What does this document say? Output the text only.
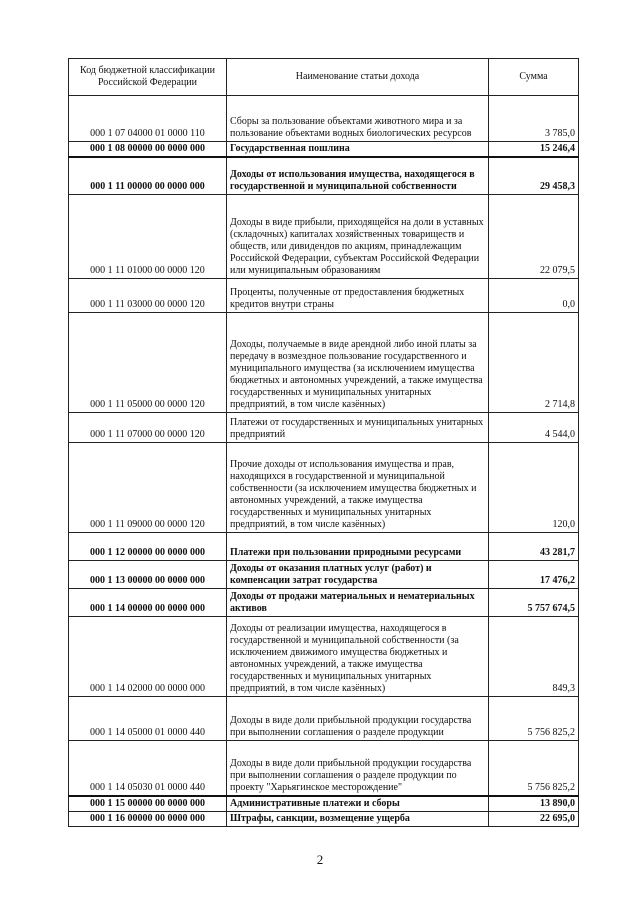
Код бюджетной классификации Российской Федерации	Наименование статьи дохода	Сумма
000 1 07 04000 01 0000 110	Сборы за пользование объектами животного мира и за пользование объектами водных биологических ресурсов	3 785,0
000 1 08 00000 00 0000 000	Государственная пошлина	15 246,4
000 1 11 00000 00 0000 000	Доходы от использования имущества, находящегося в государственной и муниципальной собственности	29 458,3
000 1 11 01000 00 0000 120	Доходы в виде прибыли, приходящейся на доли в уставных (складочных) капиталах хозяйственных товариществ и обществ, или дивидендов по акциям, принадлежащим Российской Федерации, субъектам Российской Федерации или муниципальным образованиям	22 079,5
000 1 11 03000 00 0000 120	Проценты, полученные от предоставления бюджетных кредитов внутри страны	0,0
000 1 11 05000 00 0000 120	Доходы, получаемые в виде арендной либо иной платы за передачу в возмездное пользование государственного и муниципального имущества (за исключением имущества бюджетных и автономных учреждений, а также имущества государственных и муниципальных унитарных предприятий, в том числе казённых)	2 714,8
000 1 11 07000 00 0000 120	Платежи от государственных и муниципальных унитарных предприятий	4 544,0
000 1 11 09000 00 0000 120	Прочие доходы от использования имущества и прав, находящихся в государственной и муниципальной собственности (за исключением имущества бюджетных и автономных учреждений, а также имущества государственных и муниципальных унитарных предприятий, в том числе казённых)	120,0
000 1 12 00000 00 0000 000	Платежи при пользовании природными ресурсами	43 281,7
000 1 13 00000 00 0000 000	Доходы от оказания платных услуг (работ) и компенсации затрат государства	17 476,2
000 1 14 00000 00 0000 000	Доходы от продажи материальных и нематериальных активов	5 757 674,5
000 1 14 02000 00 0000 000	Доходы от реализации имущества, находящегося в государственной и муниципальной собственности (за исключением движимого имущества бюджетных и автономных учреждений, а также имущества государственных и муниципальных унитарных предприятий, в том числе казённых)	849,3
000 1 14 05000 01 0000 440	Доходы в виде доли прибыльной продукции государства при выполнении соглашения о разделе продукции	5 756 825,2
000 1 14 05030 01 0000 440	Доходы в виде доли прибыльной продукции государства при выполнении соглашения о разделе продукции по проекту "Харьягинское месторождение"	5 756 825,2
000 1 15 00000 00 0000 000	Административные платежи и сборы	13 890,0
000 1 16 00000 00 0000 000	Штрафы, санкции, возмещение ущерба	22 695,0
2
